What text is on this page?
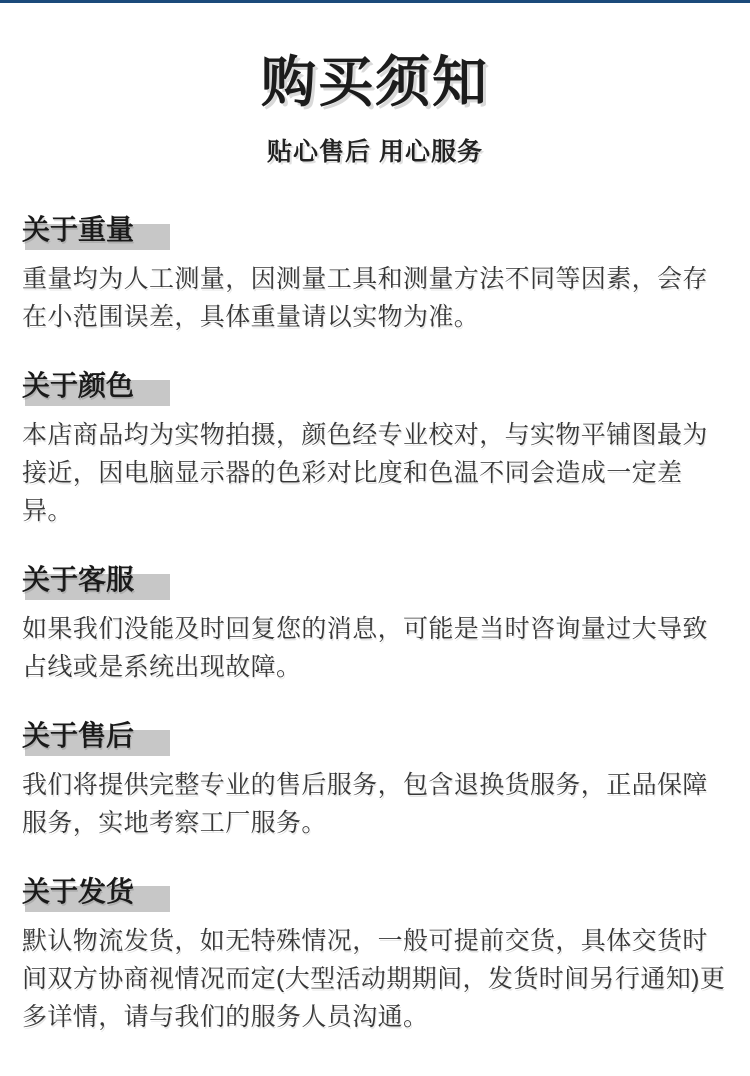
购买须知

贴心售后 用心服务

关于重量

重量均为人工测量，因测量工具和测量方法不同等因素，会存在小范围误差，具体重量请以实物为准。

关于颜色

本店商品均为实物拍摄，颜色经专业校对，与实物平铺图最为接近，因电脑显示器的色彩对比度和色温不同会造成一定差异。

关于客服

如果我们没能及时回复您的消息，可能是当时咨询量过大导致占线或是系统出现故障。

关于售后

我们将提供完整专业的售后服务，包含退换货服务，正品保障服务，实地考察工厂服务。

关于发货

默认物流发货，如无特殊情况，一般可提前交货，具体交货时间双方协商视情况而定(大型活动期期间，发货时间另行通知)更多详情，请与我们的服务人员沟通。
